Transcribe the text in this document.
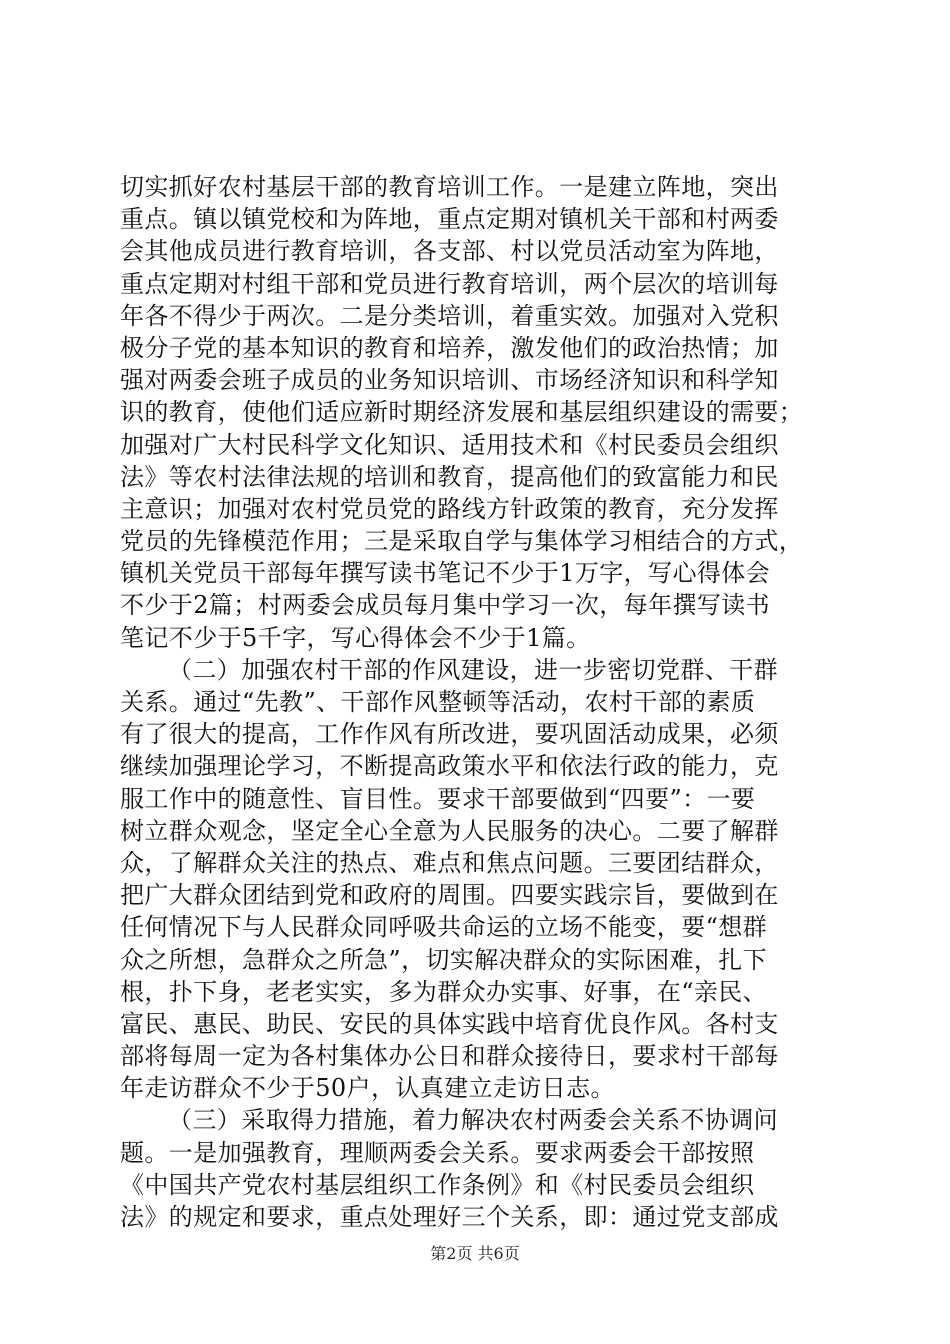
切实抓好农村基层干部的教育培训工作。一是建立阵地，突出
重点。镇以镇党校和为阵地，重点定期对镇机关干部和村两委
会其他成员进行教育培训，各支部、村以党员活动室为阵地，
重点定期对村组干部和党员进行教育培训，两个层次的培训每
年各不得少于两次。二是分类培训，着重实效。加强对入党积
极分子党的基本知识的教育和培养，激发他们的政治热情；加
强对两委会班子成员的业务知识培训、市场经济知识和科学知
识的教育，使他们适应新时期经济发展和基层组织建设的需要；
加强对广大村民科学文化知识、适用技术和《村民委员会组织
法》等农村法律法规的培训和教育，提高他们的致富能力和民
主意识；加强对农村党员党的路线方针政策的教育，充分发挥
党员的先锋模范作用；三是采取自学与集体学习相结合的方式，
镇机关党员干部每年撰写读书笔记不少于1万字，写心得体会
不少于2篇；村两委会成员每月集中学习一次，每年撰写读书
笔记不少于5千字，写心得体会不少于1篇。
（二）加强农村干部的作风建设，进一步密切党群、干群
关系。通过“先教”、干部作风整顿等活动，农村干部的素质
有了很大的提高，工作作风有所改进，要巩固活动成果，必须
继续加强理论学习，不断提高政策水平和依法行政的能力，克
服工作中的随意性、盲目性。要求干部要做到“四要”：一要
树立群众观念，坚定全心全意为人民服务的决心。二要了解群
众，了解群众关注的热点、难点和焦点问题。三要团结群众，
把广大群众团结到党和政府的周围。四要实践宗旨，要做到在
任何情况下与人民群众同呼吸共命运的立场不能变，要“想群
众之所想，急群众之所急”，切实解决群众的实际困难，扎下
根，扑下身，老老实实，多为群众办实事、好事，在“亲民、
富民、惠民、助民、安民的具体实践中培育优良作风。各村支
部将每周一定为各村集体办公日和群众接待日，要求村干部每
年走访群众不少于50户，认真建立走访日志。
（三）采取得力措施，着力解决农村两委会关系不协调问
题。一是加强教育，理顺两委会关系。要求两委会干部按照
《中国共产党农村基层组织工作条例》和《村民委员会组织
法》的规定和要求，重点处理好三个关系，即：通过党支部成
第2页 共6页
